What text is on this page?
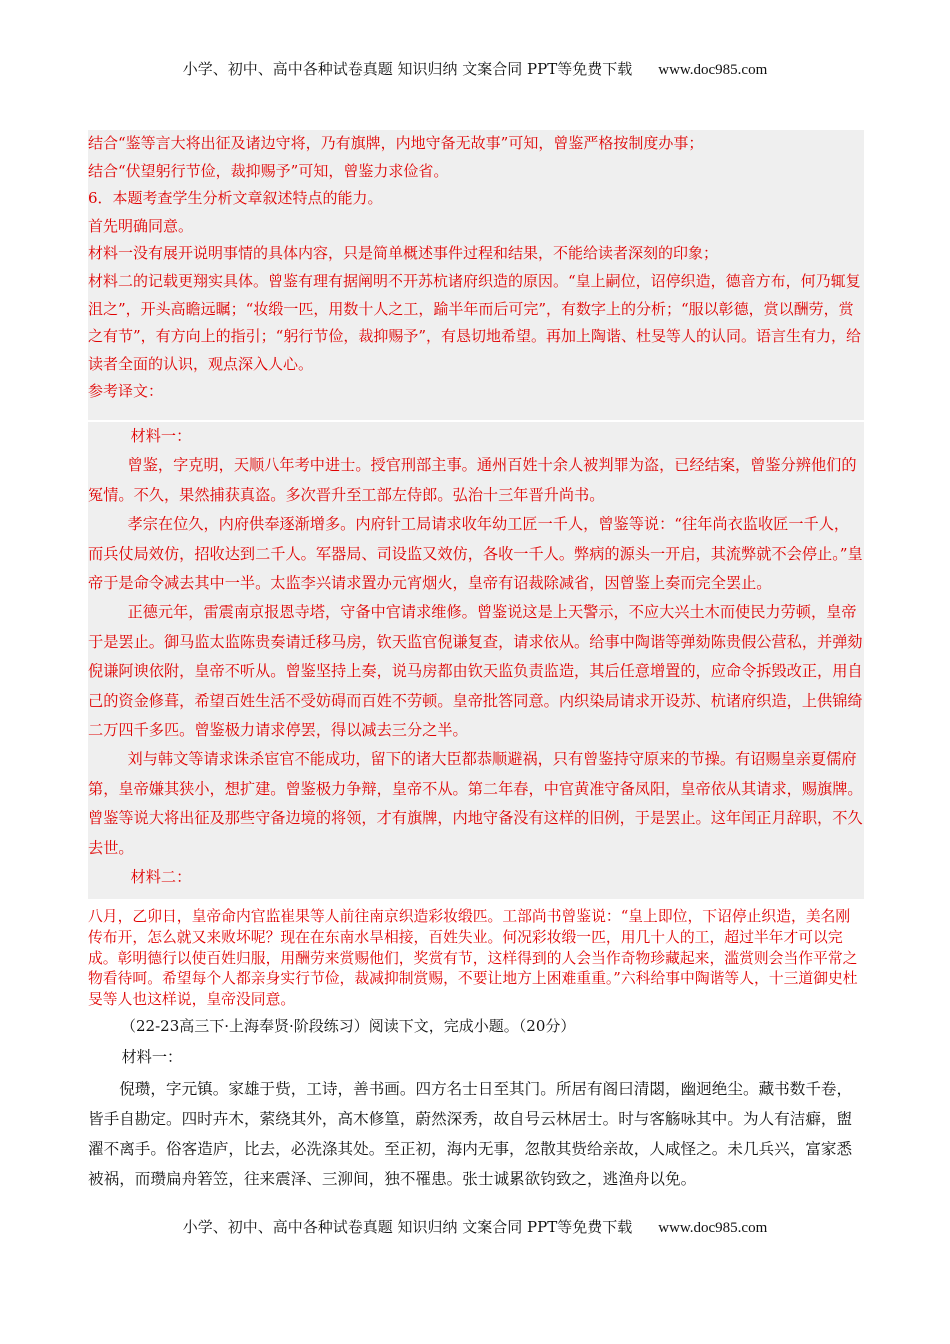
小学、初中、高中各种试卷真题 知识归纳 文案合同 PPT等免费下载 www.doc985.com

结合“鉴等言大将出征及诸边守将，乃有旗牌，内地守备无故事”可知，曾鉴严格按制度办事；

结合“伏望躬行节俭，裁抑赐予”可知，曾鉴力求俭省。

6．本题考查学生分析文章叙述特点的能力。

首先明确同意。

材料一没有展开说明事情的具体内容，只是简单概述事件过程和结果，不能给读者深刻的印象；

材料二的记载更翔实具体。曾鉴有理有据阐明不开苏杭诸府织造的原因。“皇上嗣位，诏停织造，德音方布，何乃辄复沮之”，开头高瞻远瞩；“妆缎一匹，用数十人之工，踰半年而后可完”，有数字上的分析；“服以彰德，赏以酬劳，赏之有节”，有方向上的指引；“躬行节俭，裁抑赐予”，有恳切地希望。再加上陶谐、杜旻等人的认同。语言生有力，给读者全面的认识，观点深入人心。

参考译文：

材料一：

曾鉴，字克明，天顺八年考中进士。授官刑部主事。通州百姓十余人被判罪为盗，已经结案，曾鉴分辨他们的冤情。不久，果然捕获真盗。多次晋升至工部左侍郎。弘治十三年晋升尚书。

孝宗在位久，内府供奉逐渐增多。内府针工局请求收年幼工匠一千人，曾鉴等说：“往年尚衣监收匠一千人，而兵仗局效仿，招收达到二千人。军器局、司设监又效仿，各收一千人。弊病的源头一开启，其流弊就不会停止。”皇帝于是命令减去其中一半。太监李兴请求置办元宵烟火，皇帝有诏裁除减省，因曾鉴上奏而完全罢止。

正德元年，雷震南京报恩寺塔，守备中官请求维修。曾鉴说这是上天警示，不应大兴土木而使民力劳顿，皇帝于是罢止。御马监太监陈贵奏请迁移马房，钦天监官倪谦复查，请求依从。给事中陶谐等弹劾陈贵假公营私，并弹劾倪谦阿谀依附，皇帝不听从。曾鉴坚持上奏，说马房都由钦天监负责监造，其后任意增置的，应命令拆毁改正，用自己的资金修葺，希望百姓生活不受妨碍而百姓不劳顿。皇帝批答同意。内织染局请求开设苏、杭诸府织造，上供锦绮二万四千多匹。曾鉴极力请求停罢，得以减去三分之半。

刘与韩文等请求诛杀宦官不能成功，留下的诸大臣都恭顺避祸，只有曾鉴持守原来的节操。有诏赐皇亲夏儒府第，皇帝嫌其狭小，想扩建。曾鉴极力争辩，皇帝不从。第二年春，中官黄准守备凤阳，皇帝依从其请求，赐旗牌。曾鉴等说大将出征及那些守备边境的将领，才有旗牌，内地守备没有这样的旧例，于是罢止。这年闰正月辞职，不久去世。

材料二：

八月，乙卯日，皇帝命内官监崔果等人前往南京织造彩妆缎匹。工部尚书曾鉴说：“皇上即位，下诏停止织造，美名刚传布开，怎么就又来败坏呢？现在在东南水旱相接，百姓失业。何况彩妆缎一匹，用几十人的工，超过半年才可以完成。彰明德行以使百姓归服，用酬劳来赏赐他们，奖赏有节，这样得到的人会当作奇物珍藏起来，滥赏则会当作平常之物看待呵。希望每个人都亲身实行节俭，裁减抑制赏赐，不要让地方上困难重重。”六科给事中陶谐等人，十三道御史杜旻等人也这样说，皇帝没同意。

（22-23高三下·上海奉贤·阶段练习）阅读下文，完成小题。（20分）

材料一：

倪瓒，字元镇。家雄于赀，工诗，善书画。四方名士日至其门。所居有阁曰清閟，幽迥绝尘。藏书数千卷，皆手自勘定。四时卉木，萦绕其外，高木修篁，蔚然深秀，故自号云林居士。时与客觞咏其中。为人有洁癖，盥濯不离手。俗客造庐，比去，必洗涤其处。至正初，海内无事，忽散其赀给亲故，人咸怪之。未几兵兴，富家悉被祸，而瓒扁舟箬笠，往来震泽、三泖间，独不罹患。张士诚累欲钧致之，逃渔舟以免。

小学、初中、高中各种试卷真题 知识归纳 文案合同 PPT等免费下载 www.doc985.com
